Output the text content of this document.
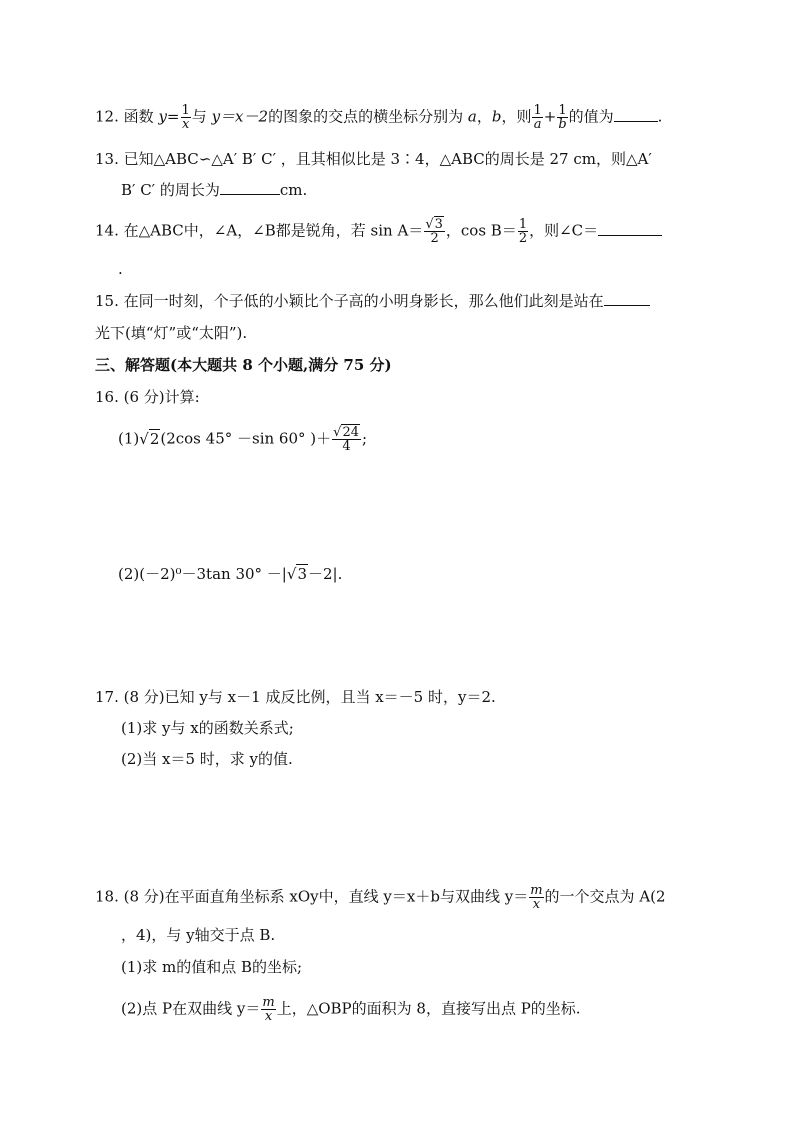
12. 函数 $y= \frac{1}{x}$ 与 y＝x－2的图象的交点的横坐标分别为 a，b，则 $\frac{1}{a} + \frac{1}{b}$ 的值为	.
13. 已知△ABC∽△A′ B′ C′ ，且其相似比是 3∶4，△ABC的周长是 27 cm，则△A′
B′ C′ 的周长为	cm.
14. 在△ABC中，∠A，∠B都是锐角，若 $\sin A= \frac{√3}{2}$ ，$\cos B= \frac{1}{2}$ ，则∠C＝
.
15. 在同一时刻，个子低的小颖比个子高的小明身影长，那么他们此刻是站在
光下(填“灯”或“太阳”).
三、解答题(本大题共 8 个小题,满分 75 分)
16. (6 分)计算:
(1)√2(2cos 45° －sin 60° )＋ $\frac{√24}{4}$ ;
(2)(－2)⁰－3tan 30° －|√3－2|.
17. (8 分)已知 y与 x－1 成反比例，且当 x＝－5 时，y＝2.
(1)求 y与 x的函数关系式;
(2)当 x＝5 时，求 y的值.
18. (8 分)在平面直角坐标系 xOy中，直线 y＝x＋b与双曲线 $y= \frac{m}{x}$ 的一个交点为 A(2
，4)，与 y轴交于点 B.
(1)求 m的值和点 B的坐标;
(2)点 P在双曲线 $y= \frac{m}{x}$ 上，△OBP的面积为 8，直接写出点 P的坐标.
